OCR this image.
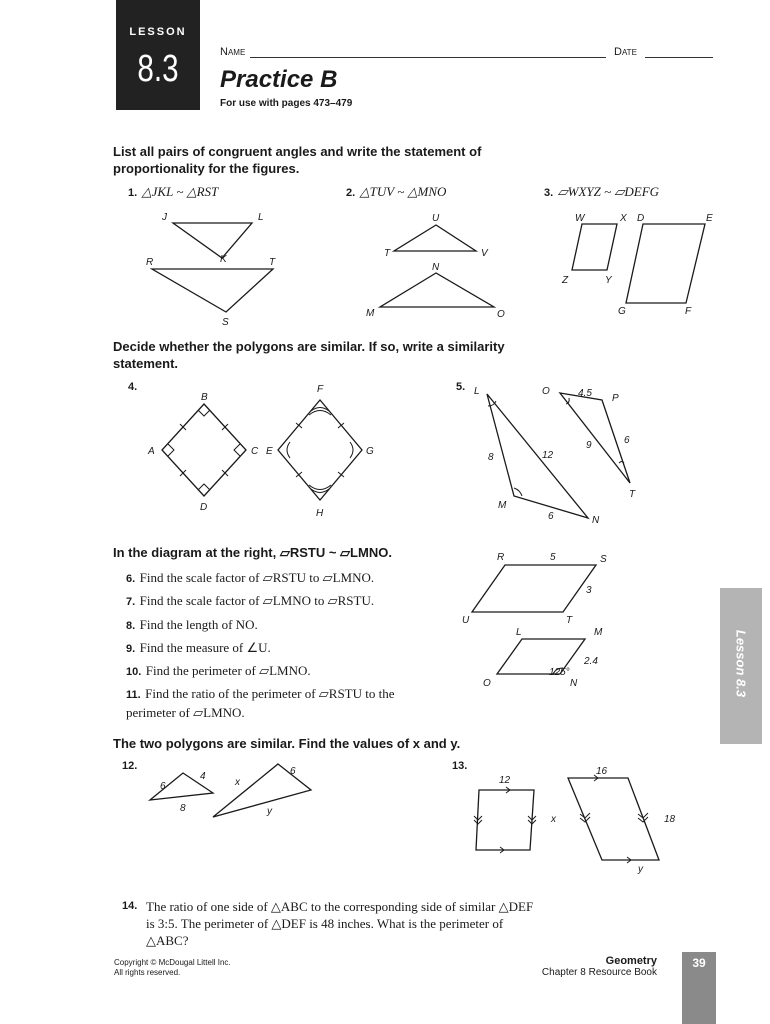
LESSON
8.3	Name	Date
Practice B
For use with pages 473–479
List all pairs of congruent angles and write the statement of proportionality for the figures.
1. △JKL ~ △RST	2. △TUV ~ △MNO	3. ▱WXYZ ~ ▱DEFG
J	L
K
R	T
S
U
T	V
N
M	O
W	X D	E
Z	Y
G	F
Decide whether the polygons are similar. If so, write a similarity statement.
4.	5.
B
F
A	C E	G
D
H
L	O	4.5 P
6
9
8	12
T
M
6	N
In the diagram at the right, ▱RSTU ~ ▱LMNO.
6. Find the scale factor of ▱RSTU to ▱LMNO.
7. Find the scale factor of ▱LMNO to ▱RSTU.
8. Find the length of NO.
9. Find the measure of ∠U.
10. Find the perimeter of ▱LMNO.
11. Find the ratio of the perimeter of ▱RSTU to the perimeter of ▱LMNO.
R	5	S
3
U	T
L	M
2.4
125°
O	N
The two polygons are similar. Find the values of x and y.
12.	13.
4
6
8
6
x
y
12
16
x	18
y
14. The ratio of one side of △ABC to the corresponding side of similar △DEF
is 3:5. The perimeter of △DEF is 48 inches. What is the perimeter of
△ABC?
Lesson 8.3
Copyright © McDougal Littell Inc.
All rights reserved.
Geometry
Chapter 8 Resource Book
39
